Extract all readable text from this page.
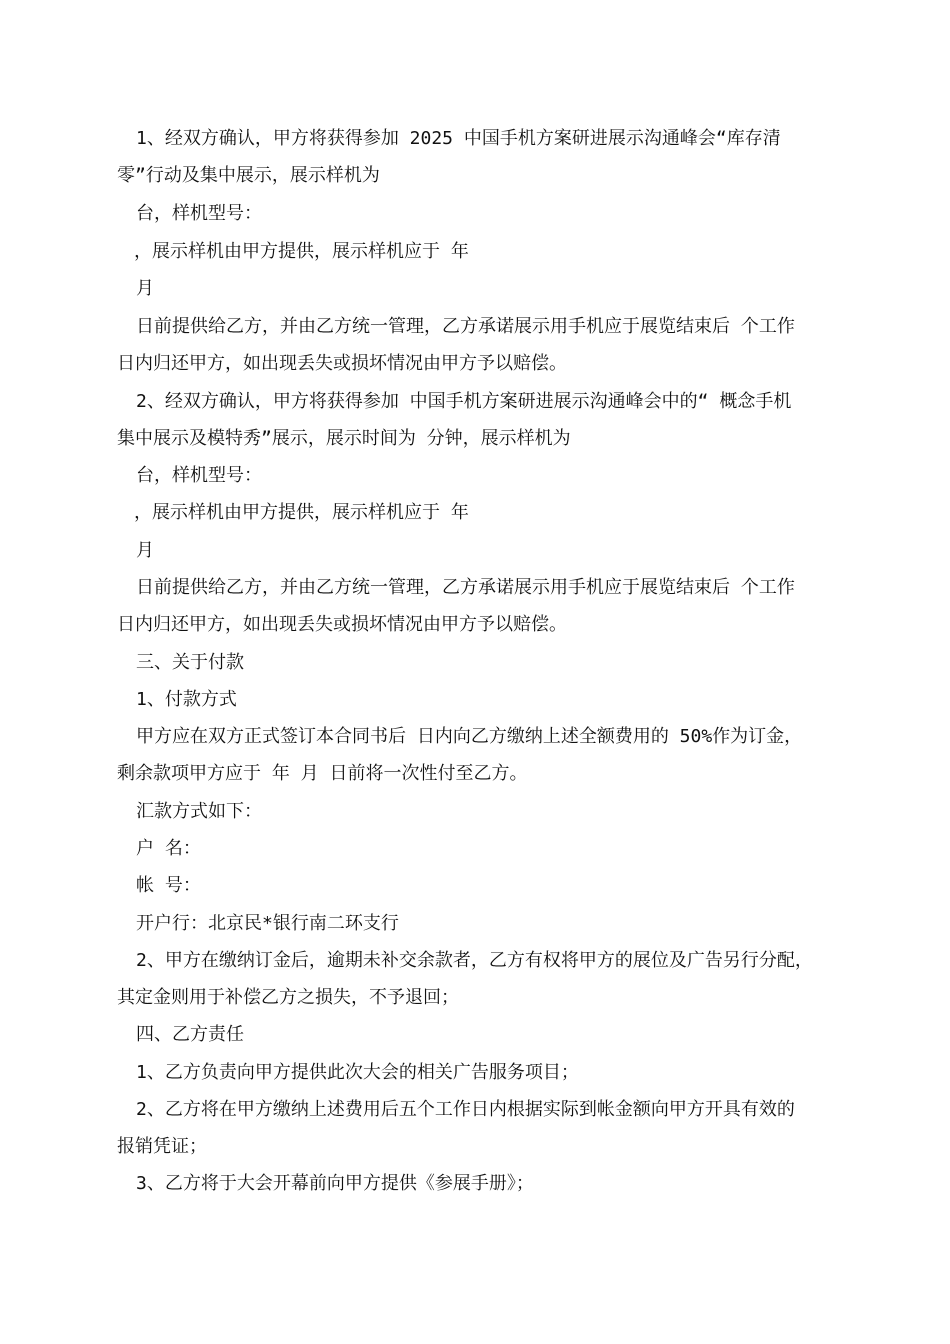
1、经双方确认，甲方将获得参加 2025 中国手机方案研进展示沟通峰会“库存清

零”行动及集中展示，展示样机为

台，样机型号：

，展示样机由甲方提供，展示样机应于 年

月

日前提供给乙方，并由乙方统一管理，乙方承诺展示用手机应于展览结束后 个工作

日内归还甲方，如出现丢失或损坏情况由甲方予以赔偿。

2、经双方确认，甲方将获得参加 中国手机方案研进展示沟通峰会中的“ 概念手机

集中展示及模特秀”展示，展示时间为 分钟，展示样机为

台，样机型号：

，展示样机由甲方提供，展示样机应于 年

月

日前提供给乙方，并由乙方统一管理，乙方承诺展示用手机应于展览结束后 个工作

日内归还甲方，如出现丢失或损坏情况由甲方予以赔偿。

三、关于付款

1、付款方式

甲方应在双方正式签订本合同书后 日内向乙方缴纳上述全额费用的 50%作为订金，

剩余款项甲方应于 年 月 日前将一次性付至乙方。

汇款方式如下：

户 名：

帐 号：

开户行：北京民*银行南二环支行

2、甲方在缴纳订金后，逾期未补交余款者，乙方有权将甲方的展位及广告另行分配，

其定金则用于补偿乙方之损失，不予退回；

四、乙方责任

1、乙方负责向甲方提供此次大会的相关广告服务项目；

2、乙方将在甲方缴纳上述费用后五个工作日内根据实际到帐金额向甲方开具有效的

报销凭证；

3、乙方将于大会开幕前向甲方提供《参展手册》；
